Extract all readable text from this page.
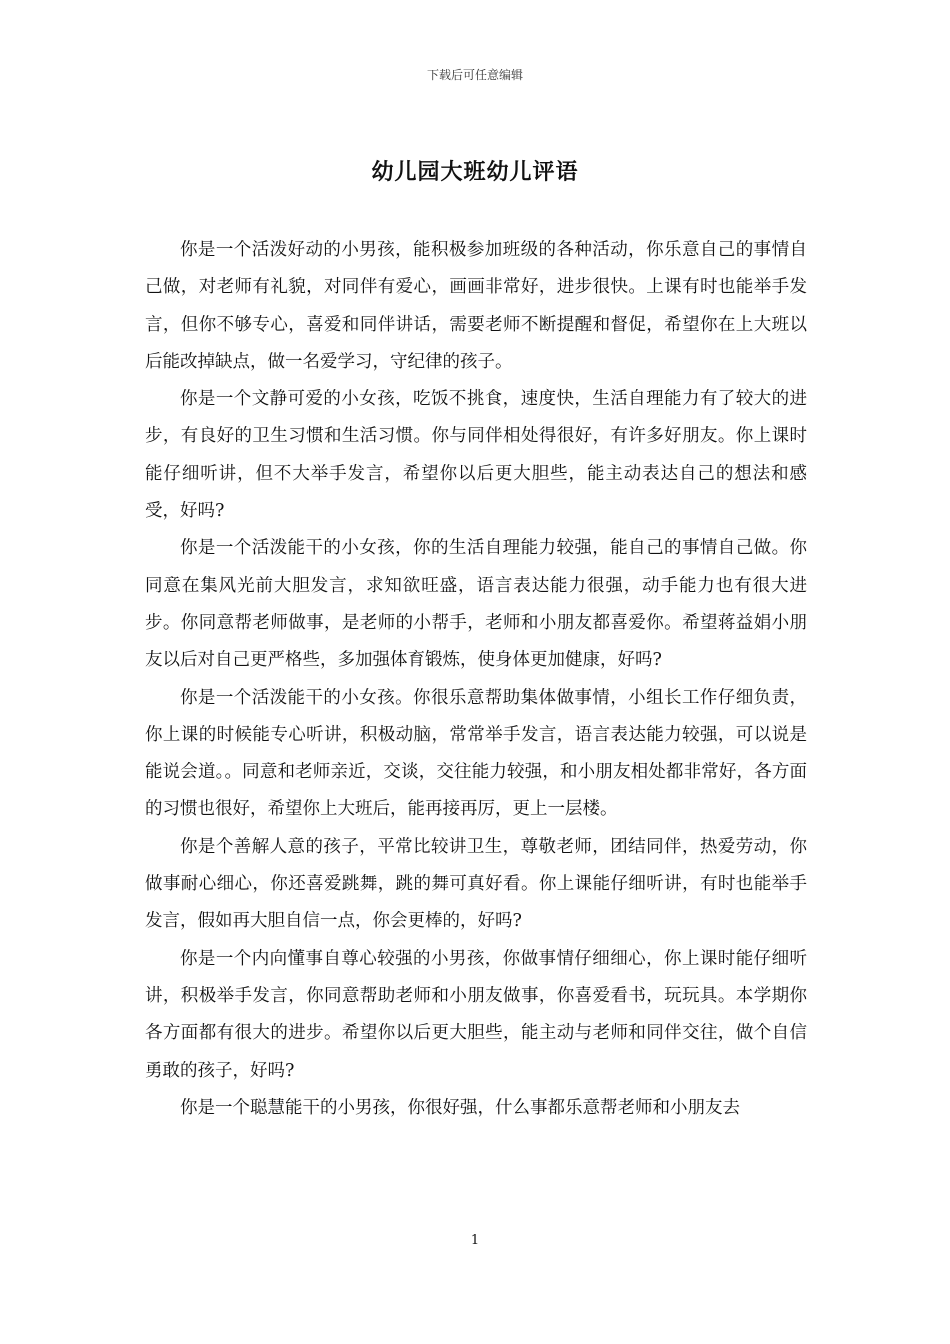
下载后可任意编辑
幼儿园大班幼儿评语

你是一个活泼好动的小男孩，能积极参加班级的各种活动，你乐意自己的事情自己做，对老师有礼貌，对同伴有爱心，画画非常好，进步很快。上课有时也能举手发言，但你不够专心，喜爱和同伴讲话，需要老师不断提醒和督促，希望你在上大班以后能改掉缺点，做一名爱学习，守纪律的孩子。

你是一个文静可爱的小女孩，吃饭不挑食，速度快，生活自理能力有了较大的进步，有良好的卫生习惯和生活习惯。你与同伴相处得很好，有许多好朋友。你上课时能仔细听讲，但不大举手发言，希望你以后更大胆些，能主动表达自己的想法和感受，好吗?

你是一个活泼能干的小女孩，你的生活自理能力较强，能自己的事情自己做。你同意在集风光前大胆发言，求知欲旺盛，语言表达能力很强，动手能力也有很大进步。你同意帮老师做事，是老师的小帮手，老师和小朋友都喜爱你。希望蒋益娟小朋友以后对自己更严格些，多加强体育锻炼，使身体更加健康，好吗?

你是一个活泼能干的小女孩。你很乐意帮助集体做事情，小组长工作仔细负责，你上课的时候能专心听讲，积极动脑，常常举手发言，语言表达能力较强，可以说是能说会道。。同意和老师亲近，交谈，交往能力较强，和小朋友相处都非常好，各方面的习惯也很好，希望你上大班后，能再接再厉，更上一层楼。

你是个善解人意的孩子，平常比较讲卫生，尊敬老师，团结同伴，热爱劳动，你做事耐心细心，你还喜爱跳舞，跳的舞可真好看。你上课能仔细听讲，有时也能举手发言，假如再大胆自信一点，你会更棒的，好吗?

你是一个内向懂事自尊心较强的小男孩，你做事情仔细细心，你上课时能仔细听讲，积极举手发言，你同意帮助老师和小朋友做事，你喜爱看书，玩玩具。本学期你各方面都有很大的进步。希望你以后更大胆些，能主动与老师和同伴交往，做个自信勇敢的孩子，好吗?

你是一个聪慧能干的小男孩，你很好强，什么事都乐意帮老师和小朋友去

1
